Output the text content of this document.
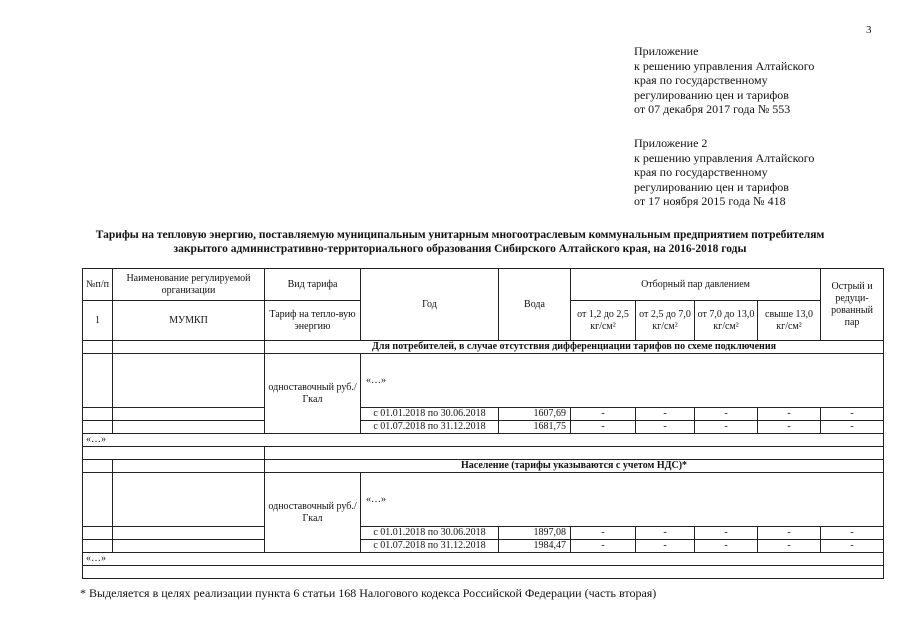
3
Приложение
к решению управления Алтайского
края по государственному
регулированию цен и тарифов
от 07 декабря 2017 года № 553
Приложение 2
к решению управления Алтайского
края по государственному
регулированию цен и тарифов
от 17 ноября 2015 года № 418
Тарифы на тепловую энергию, поставляемую муниципальным унитарным многоотраслевым коммунальным предприятием потребителям
закрытого административно-территориального образования Сибирского Алтайского края, на 2016-2018 годы
№п/п	Наименование регулируемой организации	Вид тарифа	Год	Вода	Отборный пар давлением				Острый и редуци-рованный пар
1	МУМКП	Тариф на тепло-вую энергию			от 1,2 до 2,5 кг/см²	от 2,5 до 7,0 кг/см²	от 7,0 до 13,0 кг/см²	свыше 13,0 кг/см²	
		Для потребителей, в случае отсутствия дифференциации тарифов по схеме подключения							
		одноставочный руб./Гкал	«…»						
			с 01.01.2018 по 30.06.2018	1607,69	-	-	-	-	-
			с 01.07.2018 по 31.12.2018	1681,75	-	-	-	-	-
«…»									

		Население (тарифы указываются с учетом НДС)*							
		одноставочный руб./Гкал	«…»						
			с 01.01.2018 по 30.06.2018	1897,08	-	-	-	-	-
			с 01.07.2018 по 31.12.2018	1984,47	-	-	-	-	-
«…»									

* Выделяется в целях реализации пункта 6 статьи 168 Налогового кодекса Российской Федерации (часть вторая)
